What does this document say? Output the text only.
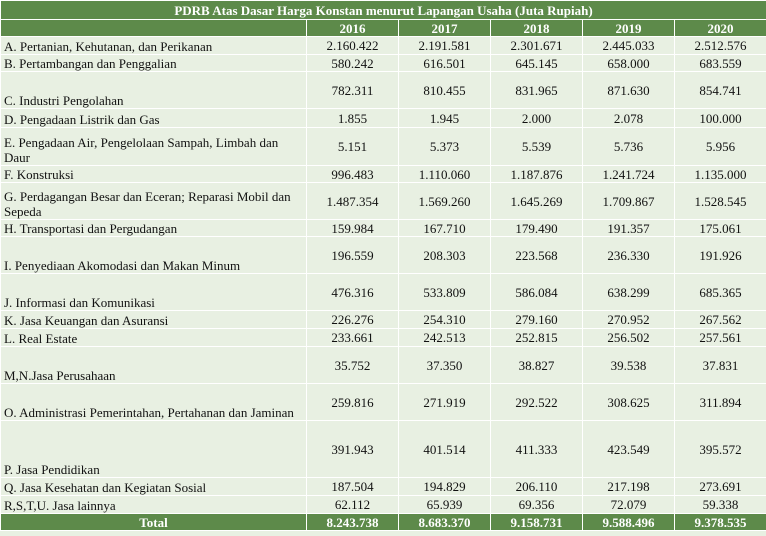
PDRB Atas Dasar Harga Konstan menurut Lapangan Usaha (Juta Rupiah)					
	2016	2017	2018	2019	2020
A. Pertanian, Kehutanan, dan Perikanan	2.160.422	2.191.581	2.301.671	2.445.033	2.512.576
B. Pertambangan dan Penggalian	580.242	616.501	645.145	658.000	683.559
C. Industri Pengolahan	782.311	810.455	831.965	871.630	854.741
D. Pengadaan Listrik dan Gas	1.855	1.945	2.000	2.078	100.000
E. Pengadaan Air, Pengelolaan Sampah, Limbah dan Daur	5.151	5.373	5.539	5.736	5.956
F. Konstruksi	996.483	1.110.060	1.187.876	1.241.724	1.135.000
G. Perdagangan Besar dan Eceran; Reparasi Mobil dan Sepeda	1.487.354	1.569.260	1.645.269	1.709.867	1.528.545
H. Transportasi dan Pergudangan	159.984	167.710	179.490	191.357	175.061
I. Penyediaan Akomodasi dan Makan Minum	196.559	208.303	223.568	236.330	191.926
J. Informasi dan Komunikasi	476.316	533.809	586.084	638.299	685.365
K. Jasa Keuangan dan Asuransi	226.276	254.310	279.160	270.952	267.562
L. Real Estate	233.661	242.513	252.815	256.502	257.561
M,N.Jasa Perusahaan	35.752	37.350	38.827	39.538	37.831
O. Administrasi Pemerintahan, Pertahanan dan Jaminan	259.816	271.919	292.522	308.625	311.894
P. Jasa Pendidikan	391.943	401.514	411.333	423.549	395.572
Q. Jasa Kesehatan dan Kegiatan Sosial	187.504	194.829	206.110	217.198	273.691
R,S,T,U. Jasa lainnya	62.112	65.939	69.356	72.079	59.338
Total	8.243.738	8.683.370	9.158.731	9.588.496	9.378.535
